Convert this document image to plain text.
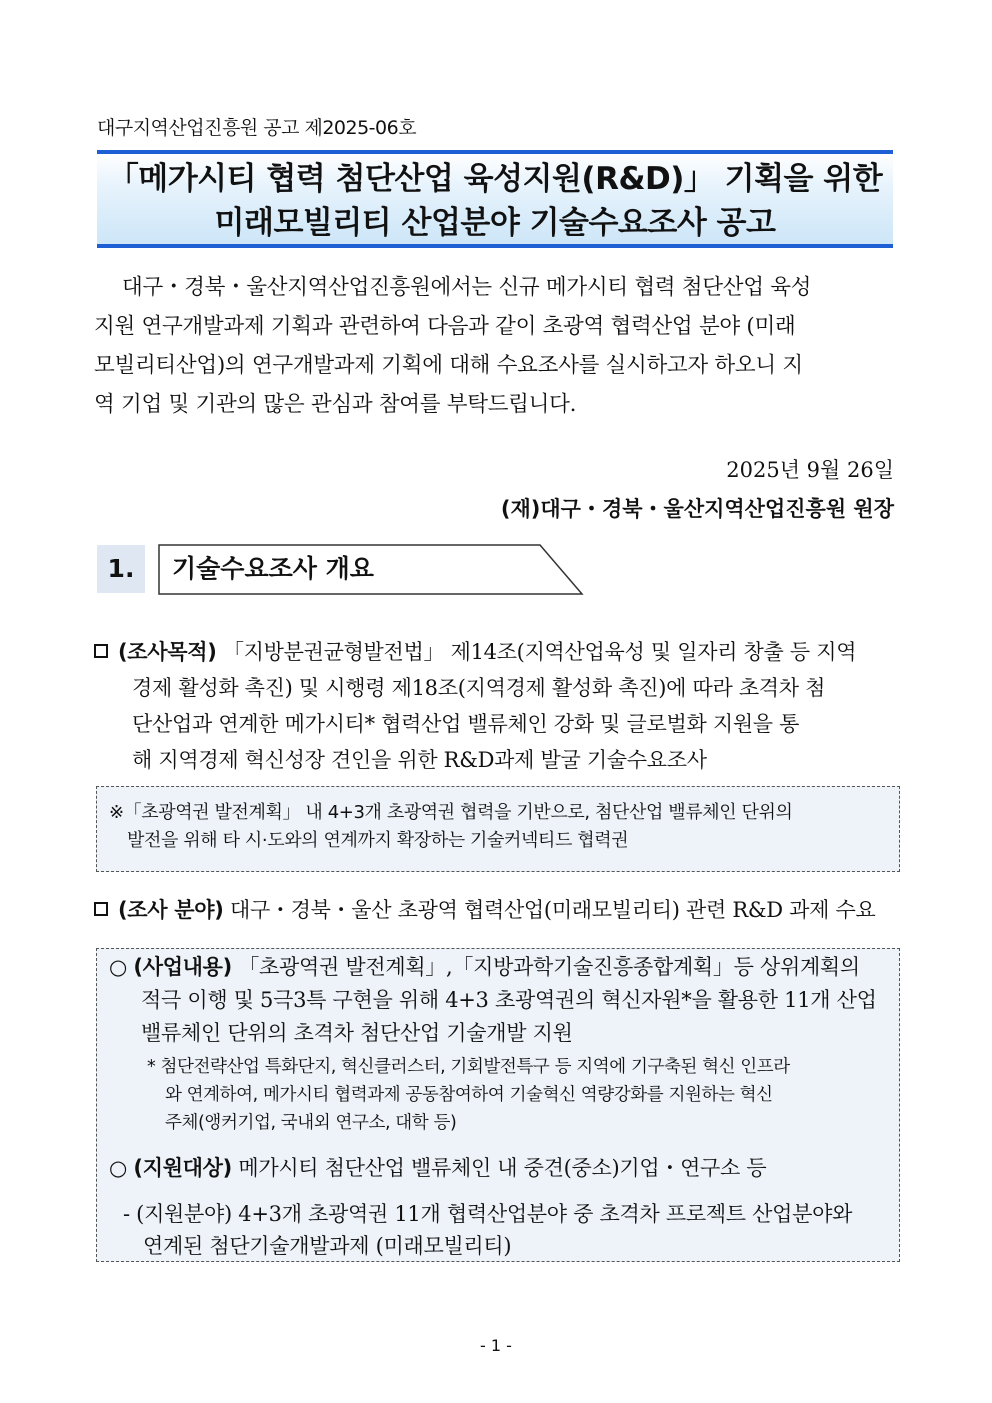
대구지역산업진흥원 공고 제2025-06호
「메가시티 협력 첨단산업 육성지원(R&D)」 기획을 위한
미래모빌리티 산업분야 기술수요조사 공고
대구・경북・울산지역산업진흥원에서는 신규 메가시티 협력 첨단산업 육성
지원 연구개발과제 기획과 관련하여 다음과 같이 초광역 협력산업 분야 (미래
모빌리티산업)의 연구개발과제 기획에 대해 수요조사를 실시하고자 하오니 지
역 기업 및 기관의 많은 관심과 참여를 부탁드립니다.
2025년 9월 26일
(재)대구・경북・울산지역산업진흥원 원장
1.	기술수요조사 개요
(조사목적) 「지방분권균형발전법」 제14조(지역산업육성 및 일자리 창출 등 지역
경제 활성화 촉진) 및 시행령 제18조(지역경제 활성화 촉진)에 따라 초격차 첨
단산업과 연계한 메가시티* 협력산업 밸류체인 강화 및 글로벌화 지원을 통
해 지역경제 혁신성장 견인을 위한 R&D과제 발굴 기술수요조사
※「초광역권 발전계획」 내 4+3개 초광역권 협력을 기반으로, 첨단산업 밸류체인 단위의
발전을 위해 타 시·도와의 연계까지 확장하는 기술커넥티드 협력권
(조사 분야) 대구・경북・울산 초광역 협력산업(미래모빌리티) 관련 R&D 과제 수요
○ (사업내용) 「초광역권 발전계획」,「지방과학기술진흥종합계획」등 상위계획의
적극 이행 및 5극3특 구현을 위해 4+3 초광역권의 혁신자원*을 활용한 11개 산업
밸류체인 단위의 초격차 첨단산업 기술개발 지원
* 첨단전략산업 특화단지, 혁신클러스터, 기회발전특구 등 지역에 기구축된 혁신 인프라
와 연계하여, 메가시티 협력과제 공동참여하여 기술혁신 역량강화를 지원하는 혁신
주체(앵커기업, 국내외 연구소, 대학 등)
○ (지원대상) 메가시티 첨단산업 밸류체인 내 중견(중소)기업・연구소 등
- (지원분야) 4+3개 초광역권 11개 협력산업분야 중 초격차 프로젝트 산업분야와
연계된 첨단기술개발과제 (미래모빌리티)
- 1 -
